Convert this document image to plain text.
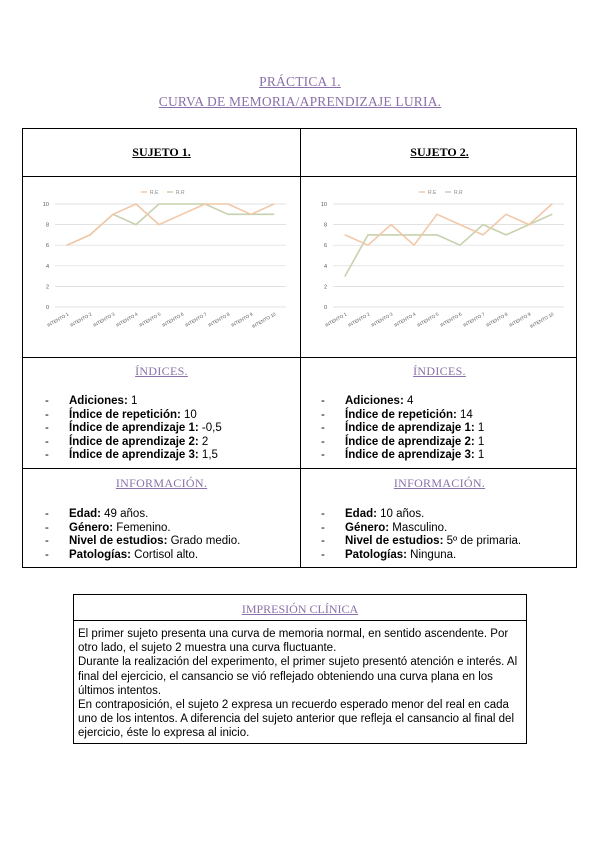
PRÁCTICA 1.
CURVA DE MEMORIA/APRENDIZAJE LURIA.
SUJETO 1.	SUJETO 2.
0
2
4
6
8
10
INTENTO 1 INTENTO 2 INTENTO 3 INTENTO 4 INTENTO 5 INTENTO 6 INTENTO 7 INTENTO 8 INTENTO 9
INTENTO 10
R.E	R.R
0
2
4
6
8
10
INTENTO 1 INTENTO 2 INTENTO 3 INTENTO 4 INTENTO 5 INTENTO 6 INTENTO 7 INTENTO 8 INTENTO 9
INTENTO 10
R.E	R.R
ÍNDICES.	ÍNDICES.
- Adiciones: 1
- Índice de repetición: 10
- Índice de aprendizaje 1: -0,5
- Índice de aprendizaje 2: 2
- Índice de aprendizaje 3: 1,5
- Adiciones: 4
- Índice de repetición: 14
- Índice de aprendizaje 1: 1
- Índice de aprendizaje 2: 1
- Índice de aprendizaje 3: 1
INFORMACIÓN.	INFORMACIÓN.
- Edad: 49 años.
- Género: Femenino.
- Nivel de estudios: Grado medio.
- Patologías: Cortisol alto.
- Edad: 10 años.
- Género: Masculino.
- Nivel de estudios: 5º de primaria.
- Patologías: Ninguna.
IMPRESIÓN CLÍNICA

El primer sujeto presenta una curva de memoria normal, en sentido ascendente. Por otro lado, el sujeto 2 muestra una curva fluctuante.

Durante la realización del experimento, el primer sujeto presentó atención e interés. Al final del ejercicio, el cansancio se vió reflejado obteniendo una curva plana en los últimos intentos.

En contraposición, el sujeto 2 expresa un recuerdo esperado menor del real en cada uno de los intentos. A diferencia del sujeto anterior que refleja el cansancio al final del ejercicio, éste lo expresa al inicio.
